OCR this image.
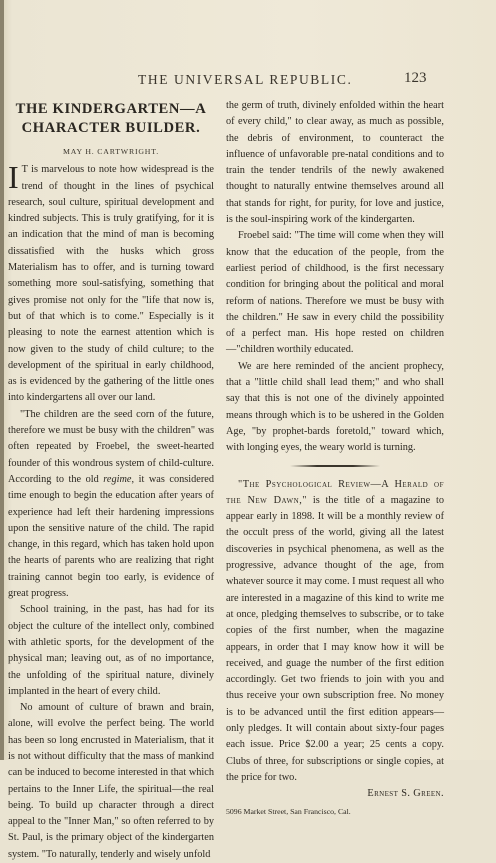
THE UNIVERSAL REPUBLIC.	123
THE KINDERGARTEN—A CHARACTER BUILDER.
MAY H. CARTWRIGHT.

I T is marvelous to note how widespread is the trend of thought in the lines of psychical research, soul culture, spiritual development and kindred subjects. This is truly gratifying, for it is an indication that the mind of man is becoming dissatisfied with the husks which gross Materialism has to offer, and is turning toward something more soul-satisfying, something that gives promise not only for the "life that now is, but of that which is to come." Especially is it pleasing to note the earnest attention which is now given to the study of child culture; to the development of the spiritual in early childhood, as is evidenced by the gathering of the little ones into kindergartens all over our land.

"The children are the seed corn of the future, therefore we must be busy with the children" was often repeated by Froebel, the sweet-hearted founder of this wondrous system of child-culture. According to the old regime, it was considered time enough to begin the education after years of experience had left their hardening impressions upon the sensitive nature of the child. The rapid change, in this regard, which has taken hold upon the hearts of parents who are realizing that right training cannot begin too early, is evidence of great progress.

School training, in the past, has had for its object the culture of the intellect only, combined with athletic sports, for the development of the physical man; leaving out, as of no importance, the unfolding of the spiritual nature, divinely implanted in the heart of every child.

No amount of culture of brawn and brain, alone, will evolve the perfect being. The world has been so long encrusted in Materialism, that it is not without difficulty that the mass of mankind can be induced to become interested in that which pertains to the Inner Life, the spiritual—the real being. To build up character through a direct appeal to the "Inner Man," so often referred to by St. Paul, is the primary object of the kindergarten system. "To naturally, tenderly and wisely unfold

the germ of truth, divinely enfolded within the heart of every child," to clear away, as much as possible, the debris of environment, to counteract the influence of unfavorable pre-natal conditions and to train the tender tendrils of the newly awakened thought to naturally entwine themselves around all that stands for right, for purity, for love and justice, is the soul-inspiring work of the kindergarten.

Froebel said: "The time will come when they will know that the education of the people, from the earliest period of childhood, is the first necessary condition for bringing about the political and moral reform of nations. Therefore we must be busy with the children." He saw in every child the possibility of a perfect man. His hope rested on children—"children worthily educated.

We are here reminded of the ancient prophecy, that a "little child shall lead them;" and who shall say that this is not one of the divinely appointed means through which is to be ushered in the Golden Age, "by prophet-bards foretold," toward which, with longing eyes, the weary world is turning.

"The Psychological Review—A Herald of the New Dawn," is the title of a magazine to appear early in 1898. It will be a monthly review of the occult press of the world, giving all the latest discoveries in psychical phenomena, as well as the progressive, advance thought of the age, from whatever source it may come. I must request all who are interested in a magazine of this kind to write me at once, pledging themselves to subscribe, or to take copies of the first number, when the magazine appears, in order that I may know how it will be received, and guage the number of the first edition accordingly. Get two friends to join with you and thus receive your own subscription free. No money is to be advanced until the first edition appears—only pledges. It will contain about sixty-four pages each issue. Price $2.00 a year; 25 cents a copy. Clubs of three, for subscriptions or single copies, at the price for two.

Ernest S. Green.
5096 Market Street, San Francisco, Cal.
